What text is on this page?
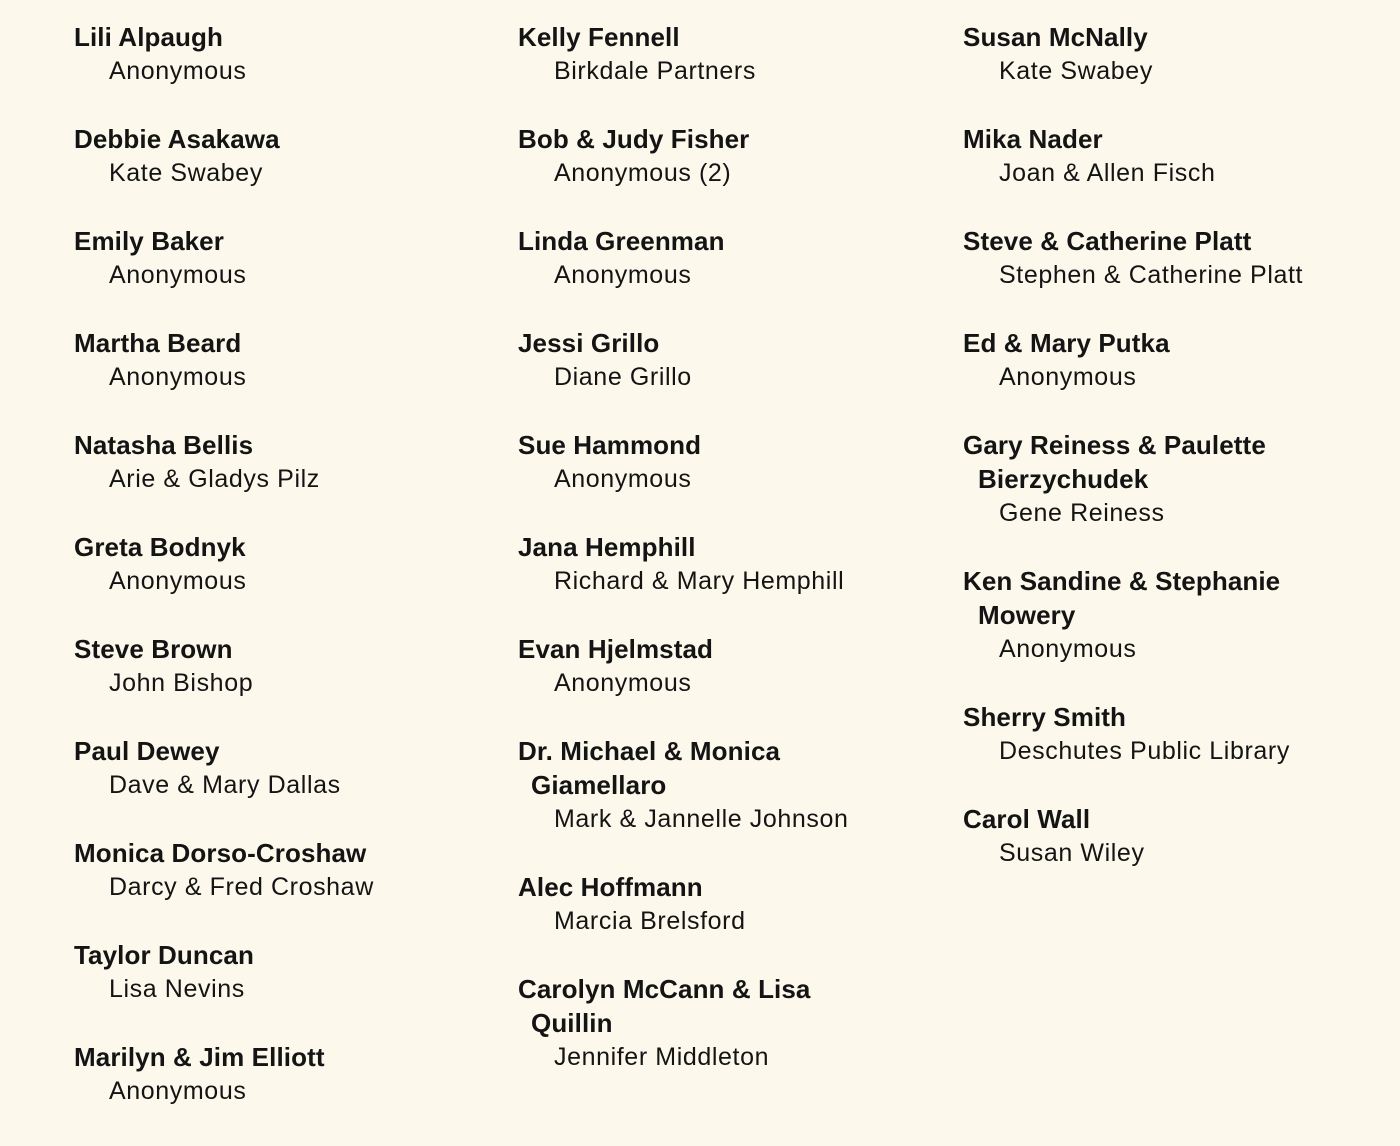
Lili Alpaugh
Anonymous
Debbie Asakawa
Kate Swabey
Emily Baker
Anonymous
Martha Beard
Anonymous
Natasha Bellis
Arie & Gladys Pilz
Greta Bodnyk
Anonymous
Steve Brown
John Bishop
Paul Dewey
Dave & Mary Dallas
Monica Dorso-Croshaw
Darcy & Fred Croshaw
Taylor Duncan
Lisa Nevins
Marilyn & Jim Elliott
Anonymous
Kelly Fennell
Birkdale Partners
Bob & Judy Fisher
Anonymous (2)
Linda Greenman
Anonymous
Jessi Grillo
Diane Grillo
Sue Hammond
Anonymous
Jana Hemphill
Richard & Mary Hemphill
Evan Hjelmstad
Anonymous
Dr. Michael & Monica Giamellaro
Mark & Jannelle Johnson
Alec Hoffmann
Marcia Brelsford
Carolyn McCann & Lisa Quillin
Jennifer Middleton
Susan McNally
Kate Swabey
Mika Nader
Joan & Allen Fisch
Steve & Catherine Platt
Stephen & Catherine Platt
Ed & Mary Putka
Anonymous
Gary Reiness & Paulette Bierzychudek
Gene Reiness
Ken Sandine & Stephanie Mowery
Anonymous
Sherry Smith
Deschutes Public Library
Carol Wall
Susan Wiley
